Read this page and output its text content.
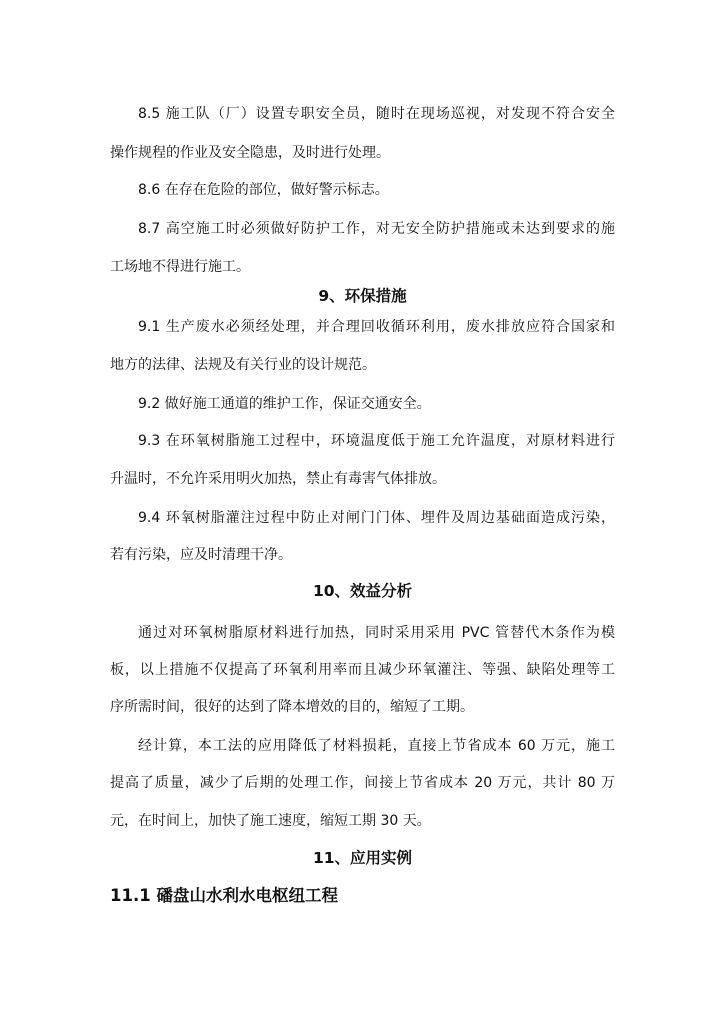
8.5 施工队（厂）设置专职安全员，随时在现场巡视，对发现不符合安全
操作规程的作业及安全隐患，及时进行处理。
8.6 在存在危险的部位，做好警示标志。
8.7 高空施工时必须做好防护工作，对无安全防护措施或未达到要求的施
工场地不得进行施工。
9、环保措施
9.1 生产废水必须经处理，并合理回收循环利用，废水排放应符合国家和
地方的法律、法规及有关行业的设计规范。
9.2 做好施工通道的维护工作，保证交通安全。
9.3 在环氧树脂施工过程中，环境温度低于施工允许温度，对原材料进行
升温时，不允许采用明火加热，禁止有毒害气体排放。
9.4 环氧树脂灌注过程中防止对闸门门体、埋件及周边基础面造成污染，
若有污染，应及时清理干净。
10、效益分析
通过对环氧树脂原材料进行加热，同时采用采用 PVC 管替代木条作为模
板，以上措施不仅提高了环氧利用率而且减少环氧灌注、等强、缺陷处理等工
序所需时间，很好的达到了降本增效的目的，缩短了工期。
经计算，本工法的应用降低了材料损耗，直接上节省成本 60 万元，施工
提高了质量，减少了后期的处理工作，间接上节省成本 20 万元，共计 80 万
元，在时间上，加快了施工速度，缩短工期 30 天。
11、应用实例
11.1 磻盘山水利水电枢纽工程
